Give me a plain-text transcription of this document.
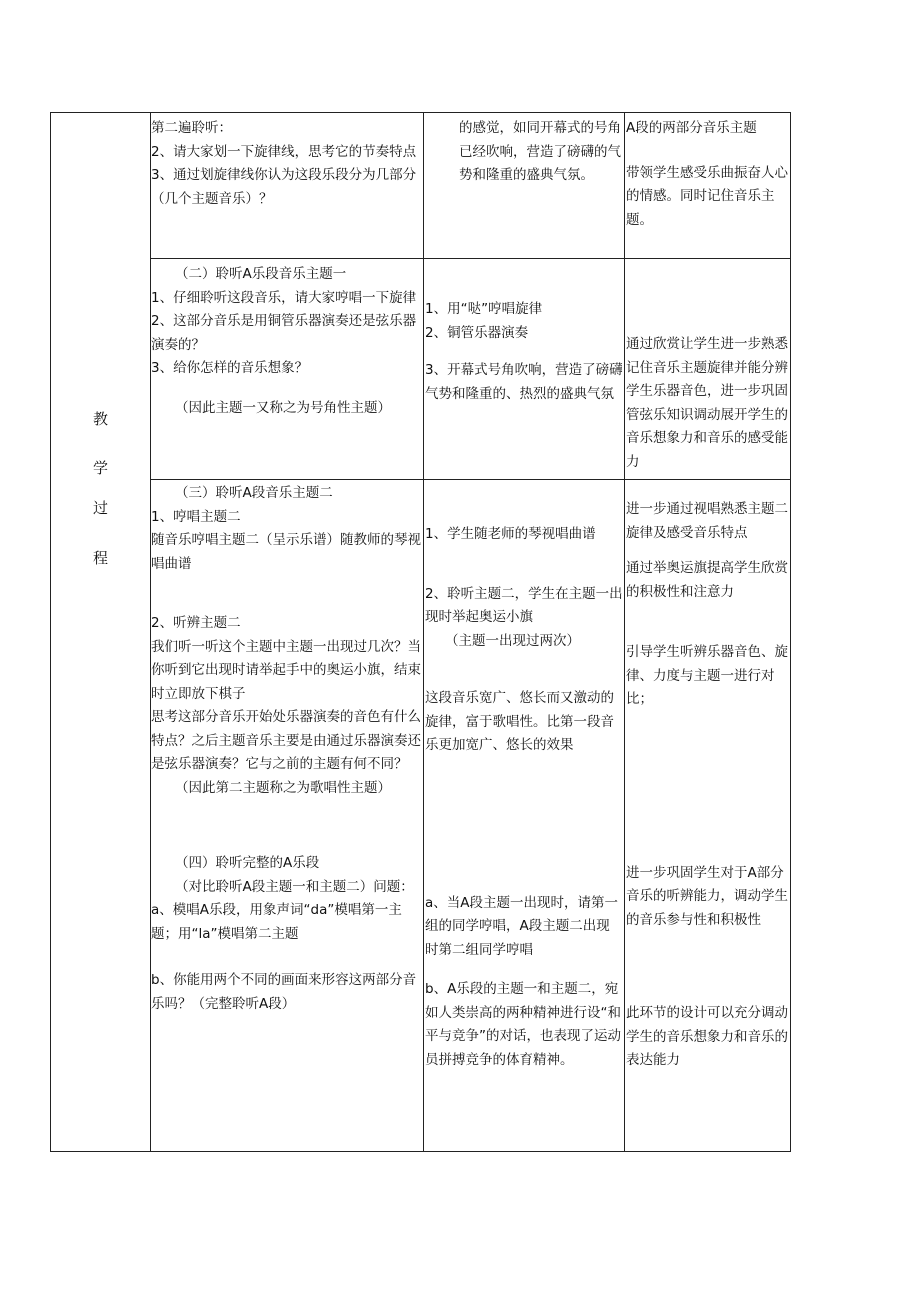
教
学
过
程

第二遍聆听：

2、请大家划一下旋律线，思考它的节奏特点

3、通过划旋律线你认为这段乐段分为几部分（几个主题音乐）？

的感觉，如同开幕式的号角已经吹响，营造了磅礴的气势和隆重的盛典气氛。

A段的两部分音乐主题

带领学生感受乐曲振奋人心的情感。同时记住音乐主题。

（二）聆听A乐段音乐主题一

1、仔细聆听这段音乐，请大家哼唱一下旋律

2、这部分音乐是用铜管乐器演奏还是弦乐器演奏的？

3、给你怎样的音乐想象？

（因此主题一又称之为号角性主题）

1、用“哒”哼唱旋律

2、铜管乐器演奏

3、开幕式号角吹响，营造了磅礴气势和隆重的、热烈的盛典气氛

通过欣赏让学生进一步熟悉记住音乐主题旋律并能分辨学生乐器音色，进一步巩固管弦乐知识调动展开学生的音乐想象力和音乐的感受能力

（三）聆听A段音乐主题二

1、哼唱主题二

随音乐哼唱主题二（呈示乐谱）随教师的琴视唱曲谱

2、听辨主题二

我们听一听这个主题中主题一出现过几次？当你听到它出现时请举起手中的奥运小旗，结束时立即放下棋子

思考这部分音乐开始处乐器演奏的音色有什么特点？之后主题音乐主要是由通过乐器演奏还是弦乐器演奏？它与之前的主题有何不同？

（因此第二主题称之为歌唱性主题）

（四）聆听完整的A乐段

（对比聆听A段主题一和主题二）问题：a、模唱A乐段，用象声词“da”模唱第一主题；用“la”模唱第二主题

b、你能用两个不同的画面来形容这两部分音乐吗？（完整聆听A段）

1、学生随老师的琴视唱曲谱

2、聆听主题二，学生在主题一出现时举起奥运小旗

（主题一出现过两次）

这段音乐宽广、悠长而又激动的旋律，富于歌唱性。比第一段音乐更加宽广、悠长的效果

a、当A段主题一出现时，请第一组的同学哼唱，A段主题二出现时第二组同学哼唱

b、A乐段的主题一和主题二，宛如人类崇高的两种精神进行设“和平与竞争”的对话，也表现了运动员拼搏竞争的体育精神。

进一步通过视唱熟悉主题二旋律及感受音乐特点

通过举奥运旗提高学生欣赏的积极性和注意力

引导学生听辨乐器音色、旋律、力度与主题一进行对比；

进一步巩固学生对于A部分音乐的听辨能力，调动学生的音乐参与性和积极性

此环节的设计可以充分调动学生的音乐想象力和音乐的表达能力
